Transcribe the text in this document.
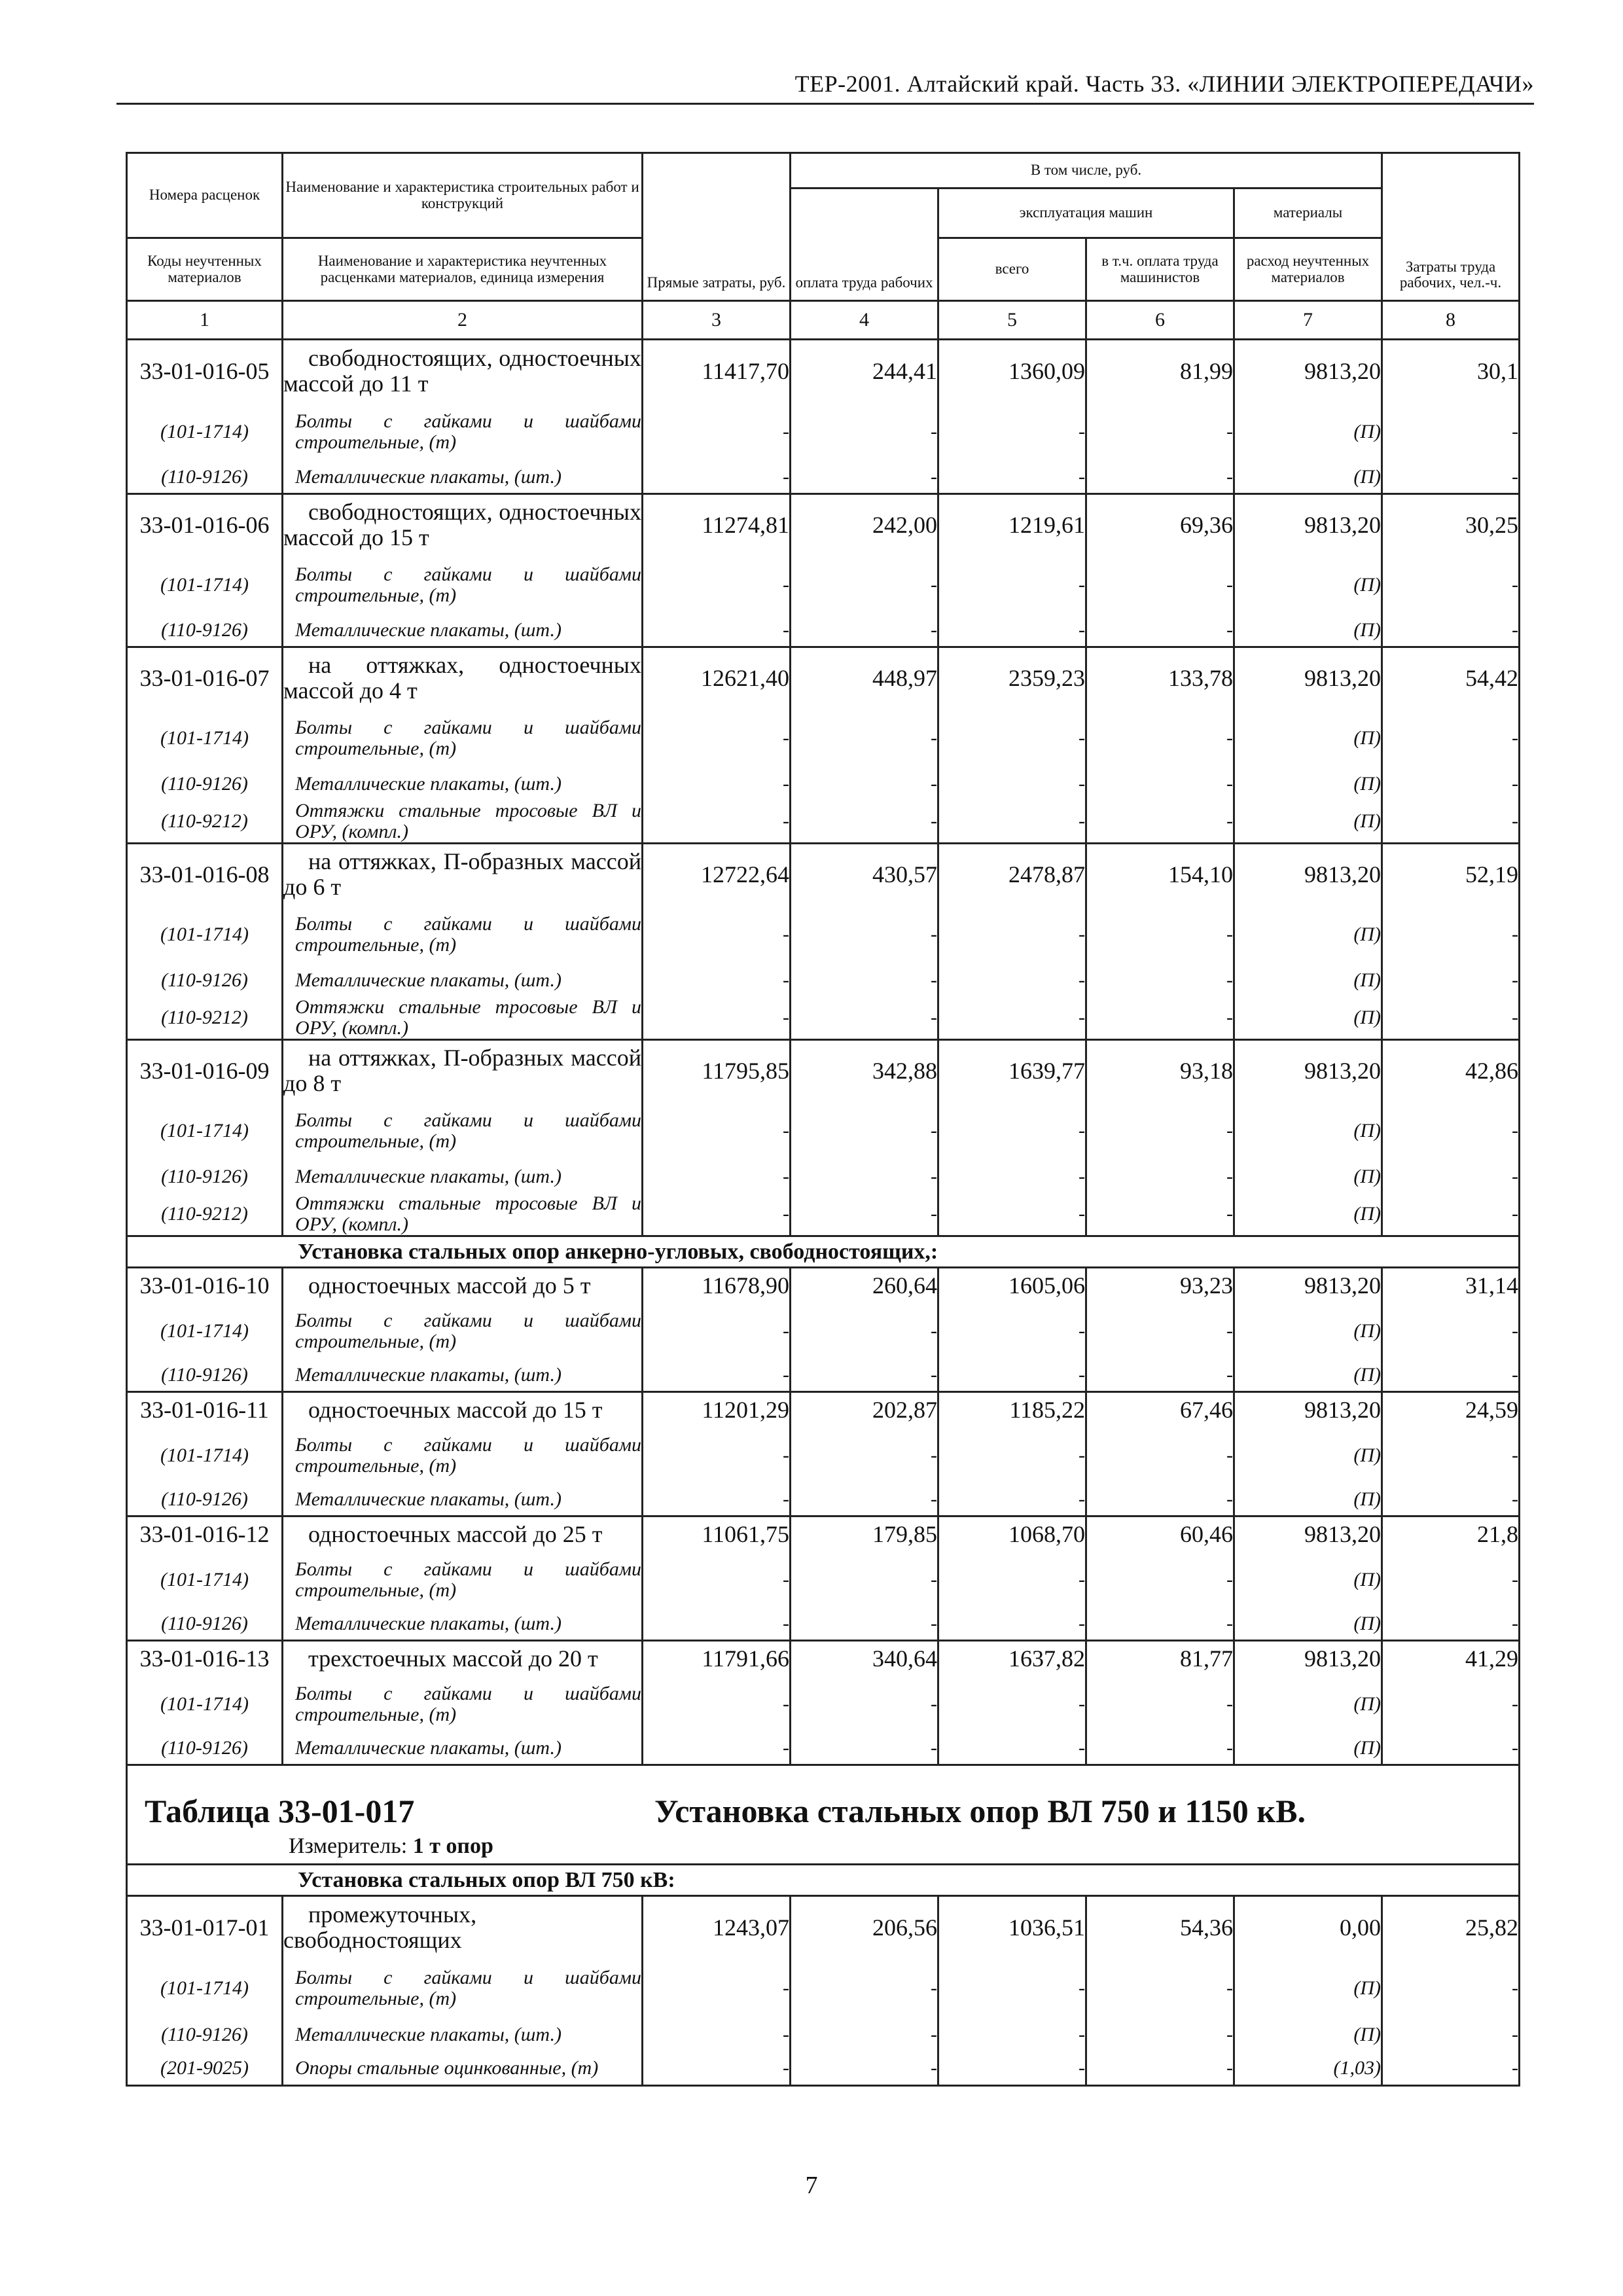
ТЕР-2001. Алтайский край. Часть 33. «ЛИНИИ ЭЛЕКТРОПЕРЕДАЧИ»
Номера расценок	Наименование и характеристика строительных работ и конструкций	Прямые затраты, руб.	В том числе, руб.				Затраты труда рабочих, чел.-ч.
			оплата труда рабочих	эксплуатация машин		материалы	
Коды неучтенных материалов	Наименование и характеристика неучтенных расценками материалов, единица измерения			всего	в т.ч. оплата труда машинистов	расход неучтенных материалов	
1	2	3	4	5	6	7	8
33-01-016-05	свободностоящих, одностоечных массой до 11 т	11417,70	244,41	1360,09	81,99	9813,20	30,1
(101-1714)	Болты с гайками и шайбами строительные, (т)	-	-	-	-	(П)	-
(110-9126)	Металлические плакаты, (шт.)	-	-	-	-	(П)	-
33-01-016-06	свободностоящих, одностоечных массой до 15 т	11274,81	242,00	1219,61	69,36	9813,20	30,25
(101-1714)	Болты с гайками и шайбами строительные, (т)	-	-	-	-	(П)	-
(110-9126)	Металлические плакаты, (шт.)	-	-	-	-	(П)	-
33-01-016-07	на оттяжках, одностоечных массой до 4 т	12621,40	448,97	2359,23	133,78	9813,20	54,42
(101-1714)	Болты с гайками и шайбами строительные, (т)	-	-	-	-	(П)	-
(110-9126)	Металлические плакаты, (шт.)	-	-	-	-	(П)	-
(110-9212)	Оттяжки стальные тросовые ВЛ и ОРУ, (компл.)	-	-	-	-	(П)	-
33-01-016-08	на оттяжках, П-образных массой до 6 т	12722,64	430,57	2478,87	154,10	9813,20	52,19
(101-1714)	Болты с гайками и шайбами строительные, (т)	-	-	-	-	(П)	-
(110-9126)	Металлические плакаты, (шт.)	-	-	-	-	(П)	-
(110-9212)	Оттяжки стальные тросовые ВЛ и ОРУ, (компл.)	-	-	-	-	(П)	-
33-01-016-09	на оттяжках, П-образных массой до 8 т	11795,85	342,88	1639,77	93,18	9813,20	42,86
(101-1714)	Болты с гайками и шайбами строительные, (т)	-	-	-	-	(П)	-
(110-9126)	Металлические плакаты, (шт.)	-	-	-	-	(П)	-
(110-9212)	Оттяжки стальные тросовые ВЛ и ОРУ, (компл.)	-	-	-	-	(П)	-
Установка стальных опор анкерно-угловых, свободностоящих,:							
33-01-016-10	одностоечных массой до 5 т	11678,90	260,64	1605,06	93,23	9813,20	31,14
(101-1714)	Болты с гайками и шайбами строительные, (т)	-	-	-	-	(П)	-
(110-9126)	Металлические плакаты, (шт.)	-	-	-	-	(П)	-
33-01-016-11	одностоечных массой до 15 т	11201,29	202,87	1185,22	67,46	9813,20	24,59
(101-1714)	Болты с гайками и шайбами строительные, (т)	-	-	-	-	(П)	-
(110-9126)	Металлические плакаты, (шт.)	-	-	-	-	(П)	-
33-01-016-12	одностоечных массой до 25 т	11061,75	179,85	1068,70	60,46	9813,20	21,8
(101-1714)	Болты с гайками и шайбами строительные, (т)	-	-	-	-	(П)	-
(110-9126)	Металлические плакаты, (шт.)	-	-	-	-	(П)	-
33-01-016-13	трехстоечных массой до 20 т	11791,66	340,64	1637,82	81,77	9813,20	41,29
(101-1714)	Болты с гайками и шайбами строительные, (т)	-	-	-	-	(П)	-
(110-9126)	Металлические плакаты, (шт.)	-	-	-	-	(П)	-

Таблица 33-01-017 Установка стальных опор ВЛ 750 и 1150 кВ.
Измеритель: 1 т опор							

Установка стальных опор ВЛ 750 кВ:							
33-01-017-01	промежуточных, свободностоящих	1243,07	206,56	1036,51	54,36	0,00	25,82
(101-1714)	Болты с гайками и шайбами строительные, (т)	-	-	-	-	(П)	-
(110-9126)	Металлические плакаты, (шт.)	-	-	-	-	(П)	-
(201-9025)	Опоры стальные оцинкованные, (т)	-	-	-	-	(1,03)	-
7
